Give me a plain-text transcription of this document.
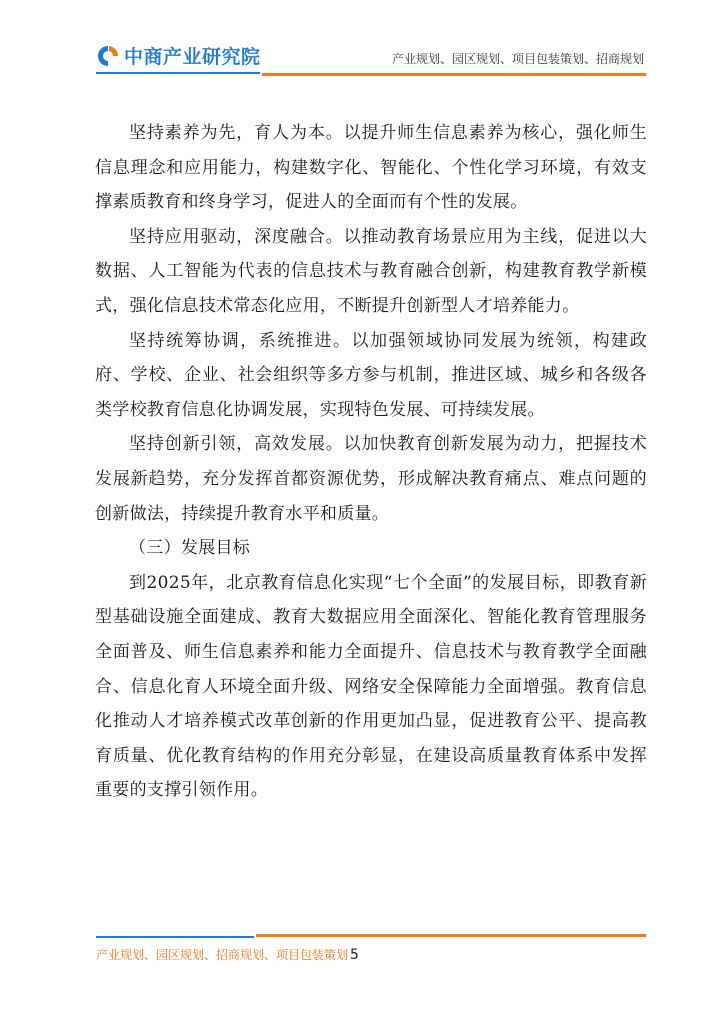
中商产业研究院	产业规划、园区规划、项目包装策划、招商规划

坚持素养为先，育人为本。以提升师生信息素养为核心，强化师生信息理念和应用能力，构建数字化、智能化、个性化学习环境，有效支撑素质教育和终身学习，促进人的全面而有个性的发展。

坚持应用驱动，深度融合。以推动教育场景应用为主线，促进以大数据、人工智能为代表的信息技术与教育融合创新，构建教育教学新模式，强化信息技术常态化应用，不断提升创新型人才培养能力。

坚持统筹协调，系统推进。以加强领域协同发展为统领，构建政府、学校、企业、社会组织等多方参与机制，推进区域、城乡和各级各类学校教育信息化协调发展，实现特色发展、可持续发展。

坚持创新引领，高效发展。以加快教育创新发展为动力，把握技术发展新趋势，充分发挥首都资源优势，形成解决教育痛点、难点问题的创新做法，持续提升教育水平和质量。

（三）发展目标

到2025年，北京教育信息化实现“七个全面”的发展目标，即教育新型基础设施全面建成、教育大数据应用全面深化、智能化教育管理服务全面普及、师生信息素养和能力全面提升、信息技术与教育教学全面融合、信息化育人环境全面升级、网络安全保障能力全面增强。教育信息化推动人才培养模式改革创新的作用更加凸显，促进教育公平、提高教育质量、优化教育结构的作用充分彰显，在建设高质量教育体系中发挥重要的支撑引领作用。

产业规划、园区规划、招商规划、项目包装策划 5
